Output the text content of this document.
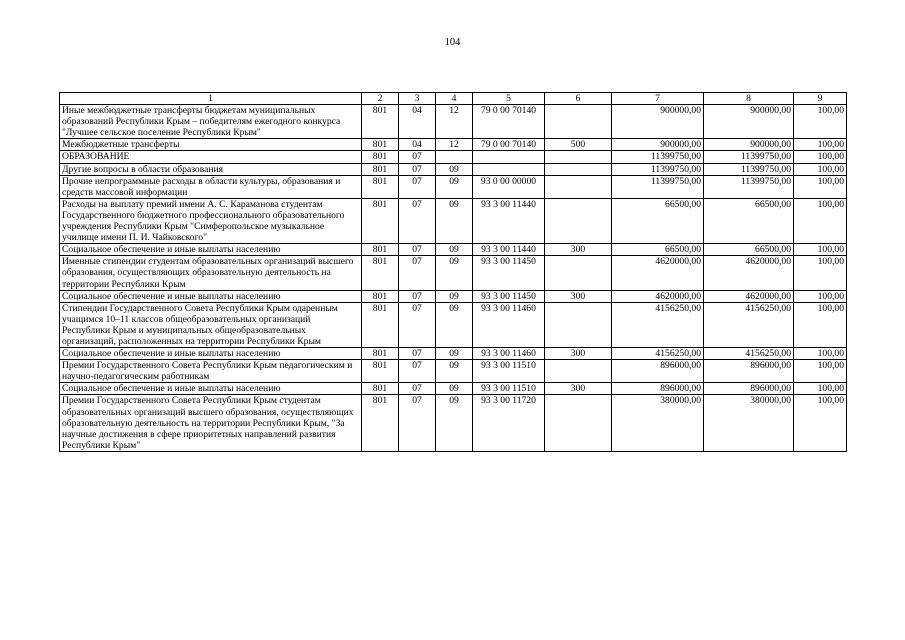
104
1	2	3	4	5	6	7	8	9
Иные межбюджетные трансферты бюджетам муниципальных образований Республики Крым – победителям ежегодного конкурса "Лучшее сельское поселение Республики Крым"	801	04	12	79 0 00 70140		900000,00	900000,00	100,00
Межбюджетные трансферты	801	04	12	79 0 00 70140	500	900000,00	900000,00	100,00
ОБРАЗОВАНИЕ	801	07				11399750,00	11399750,00	100,00
Другие вопросы в области образования	801	07	09			11399750,00	11399750,00	100,00
Прочие непрограммные расходы в области культуры, образования и средств массовой информации	801	07	09	93 0 00 00000		11399750,00	11399750,00	100,00
Расходы на выплату премий имени А. С. Караманова студентам Государственного бюджетного профессионального образовательного учреждения Республики Крым "Симферопольское музыкальное училище имени П. И. Чайковского"	801	07	09	93 3 00 11440		66500,00	66500,00	100,00
Социальное обеспечение и иные выплаты населению	801	07	09	93 3 00 11440	300	66500,00	66500,00	100,00
Именные стипендии студентам образовательных организаций высшего образования, осуществляющих образовательную деятельность на территории Республики Крым	801	07	09	93 3 00 11450		4620000,00	4620000,00	100,00
Социальное обеспечение и иные выплаты населению	801	07	09	93 3 00 11450	300	4620000,00	4620000,00	100,00
Стипендии Государственного Совета Республики Крым одаренным учащимся 10–11 классов общеобразовательных организаций Республики Крым и муниципальных общеобразовательных организаций, расположенных на территории Республики Крым	801	07	09	93 3 00 11460		4156250,00	4156250,00	100,00
Социальное обеспечение и иные выплаты населению	801	07	09	93 3 00 11460	300	4156250,00	4156250,00	100,00
Премии Государственного Совета Республики Крым педагогическим и научно-педагогическим работникам	801	07	09	93 3 00 11510		896000,00	896000,00	100,00
Социальное обеспечение и иные выплаты населению	801	07	09	93 3 00 11510	300	896000,00	896000,00	100,00
Премии Государственного Совета Республики Крым студентам образовательных организаций высшего образования, осуществляющих образовательную деятельность на территории Республики Крым, "За научные достижения в сфере приоритетных направлений развития Республики Крым"	801	07	09	93 3 00 11720		380000,00	380000,00	100,00
